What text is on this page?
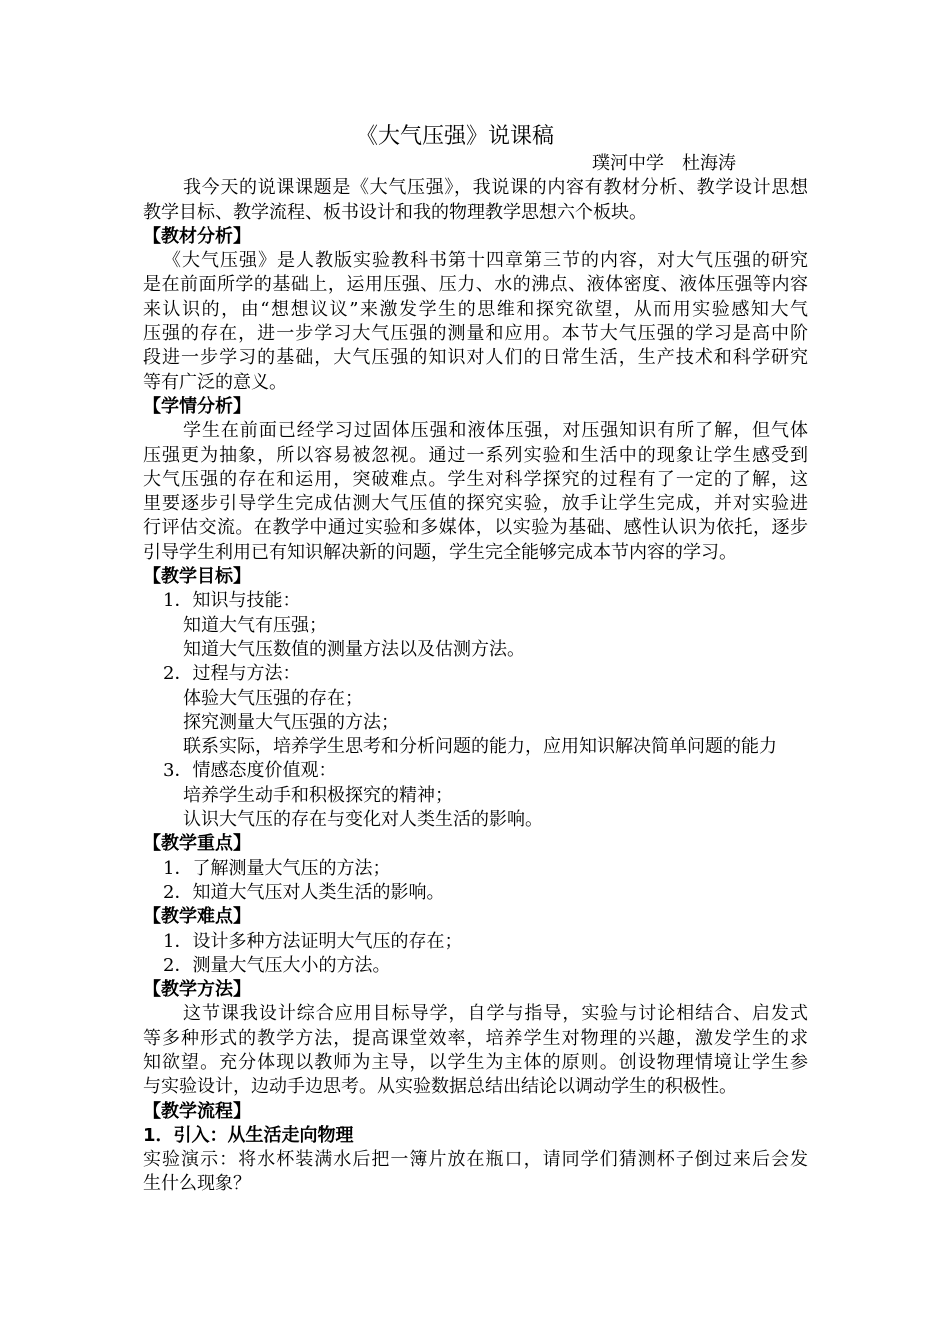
《大气压强》说课稿
璞河中学　杜海涛
我今天的说课课题是《大气压强》，我说课的内容有教材分析、教学设计思想
教学目标、教学流程、板书设计和我的物理教学思想六个板块。
【教材分析】
《大气压强》是人教版实验教科书第十四章第三节的内容，对大气压强的研究
是在前面所学的基础上，运用压强、压力、水的沸点、液体密度、液体压强等内容
来认识的，由“想想议议”来激发学生的思维和探究欲望，从而用实验感知大气
压强的存在，进一步学习大气压强的测量和应用。本节大气压强的学习是高中阶
段进一步学习的基础，大气压强的知识对人们的日常生活，生产技术和科学研究
等有广泛的意义。
【学情分析】
学生在前面已经学习过固体压强和液体压强，对压强知识有所了解，但气体
压强更为抽象，所以容易被忽视。通过一系列实验和生活中的现象让学生感受到
大气压强的存在和运用，突破难点。学生对科学探究的过程有了一定的了解，这
里要逐步引导学生完成估测大气压值的探究实验，放手让学生完成，并对实验进
行评估交流。在教学中通过实验和多媒体，以实验为基础、感性认识为依托，逐步
引导学生利用已有知识解决新的问题，学生完全能够完成本节内容的学习。
【教学目标】
1．知识与技能：
知道大气有压强；
知道大气压数值的测量方法以及估测方法。
2．过程与方法：
体验大气压强的存在；
探究测量大气压强的方法；
联系实际，培养学生思考和分析问题的能力，应用知识解决简单问题的能力
3．情感态度价值观：
培养学生动手和积极探究的精神；
认识大气压的存在与变化对人类生活的影响。
【教学重点】
1．了解测量大气压的方法；
2．知道大气压对人类生活的影响。
【教学难点】
1．设计多种方法证明大气压的存在；
2．测量大气压大小的方法。
【教学方法】
这节课我设计综合应用目标导学，自学与指导，实验与讨论相结合、启发式
等多种形式的教学方法，提高课堂效率，培养学生对物理的兴趣，激发学生的求
知欲望。充分体现以教师为主导，以学生为主体的原则。创设物理情境让学生参
与实验设计，边动手边思考。从实验数据总结出结论以调动学生的积极性。
【教学流程】
1．引入：从生活走向物理
实验演示：将水杯装满水后把一簿片放在瓶口，请同学们猜测杯子倒过来后会发
生什么现象？
